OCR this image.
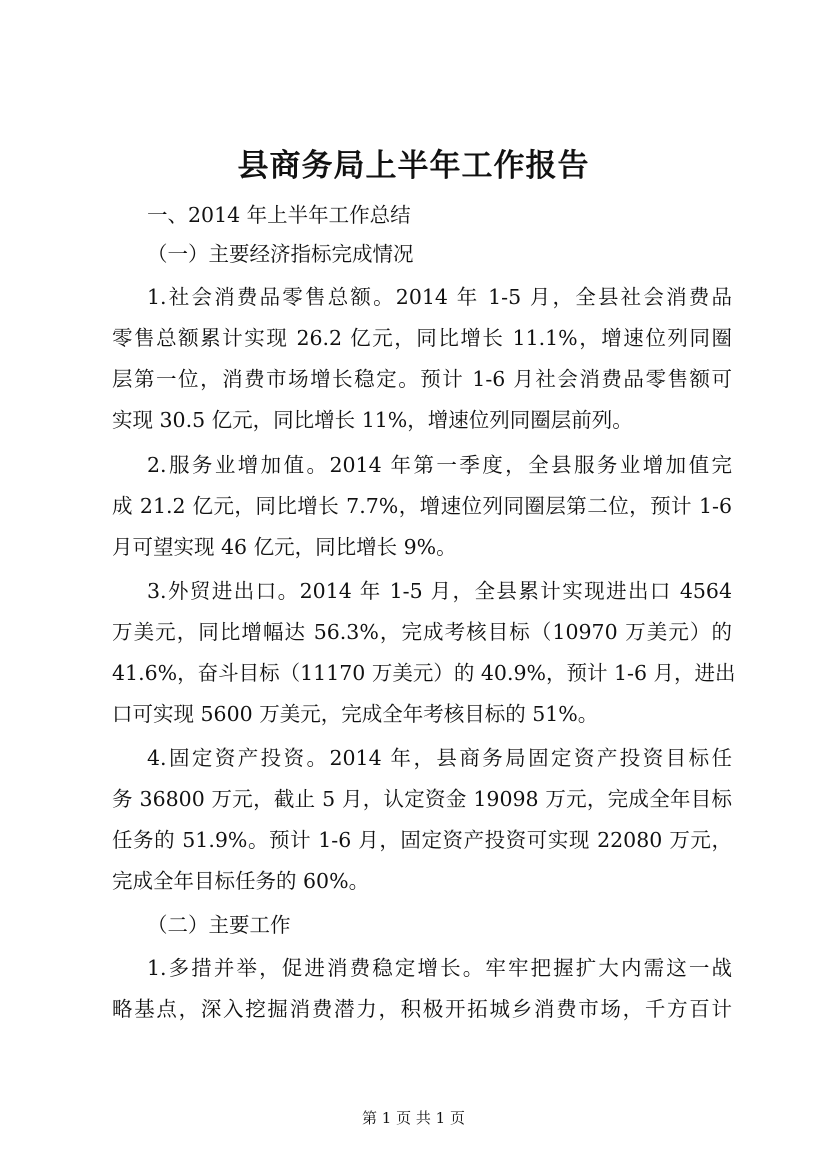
县商务局上半年工作报告
一、2014 年上半年工作总结
（一）主要经济指标完成情况
1.社会消费品零售总额。2014 年 1-5 月，全县社会消费品
零售总额累计实现 26.2 亿元，同比增长 11.1%，增速位列同圈
层第一位，消费市场增长稳定。预计 1-6 月社会消费品零售额可
实现 30.5 亿元，同比增长 11%，增速位列同圈层前列。
2.服务业增加值。2014 年第一季度，全县服务业增加值完
成 21.2 亿元，同比增长 7.7%，增速位列同圈层第二位，预计 1-6
月可望实现 46 亿元，同比增长 9%。
3.外贸进出口。2014 年 1-5 月，全县累计实现进出口 4564
万美元，同比增幅达 56.3%，完成考核目标（10970 万美元）的
41.6%，奋斗目标（11170 万美元）的 40.9%，预计 1-6 月，进出
口可实现 5600 万美元，完成全年考核目标的 51%。
4.固定资产投资。2014 年，县商务局固定资产投资目标任
务 36800 万元，截止 5 月，认定资金 19098 万元，完成全年目标
任务的 51.9%。预计 1-6 月，固定资产投资可实现 22080 万元，
完成全年目标任务的 60%。
（二）主要工作
1.多措并举，促进消费稳定增长。牢牢把握扩大内需这一战
略基点，深入挖掘消费潜力，积极开拓城乡消费市场，千方百计
第 1 页 共 1 页
